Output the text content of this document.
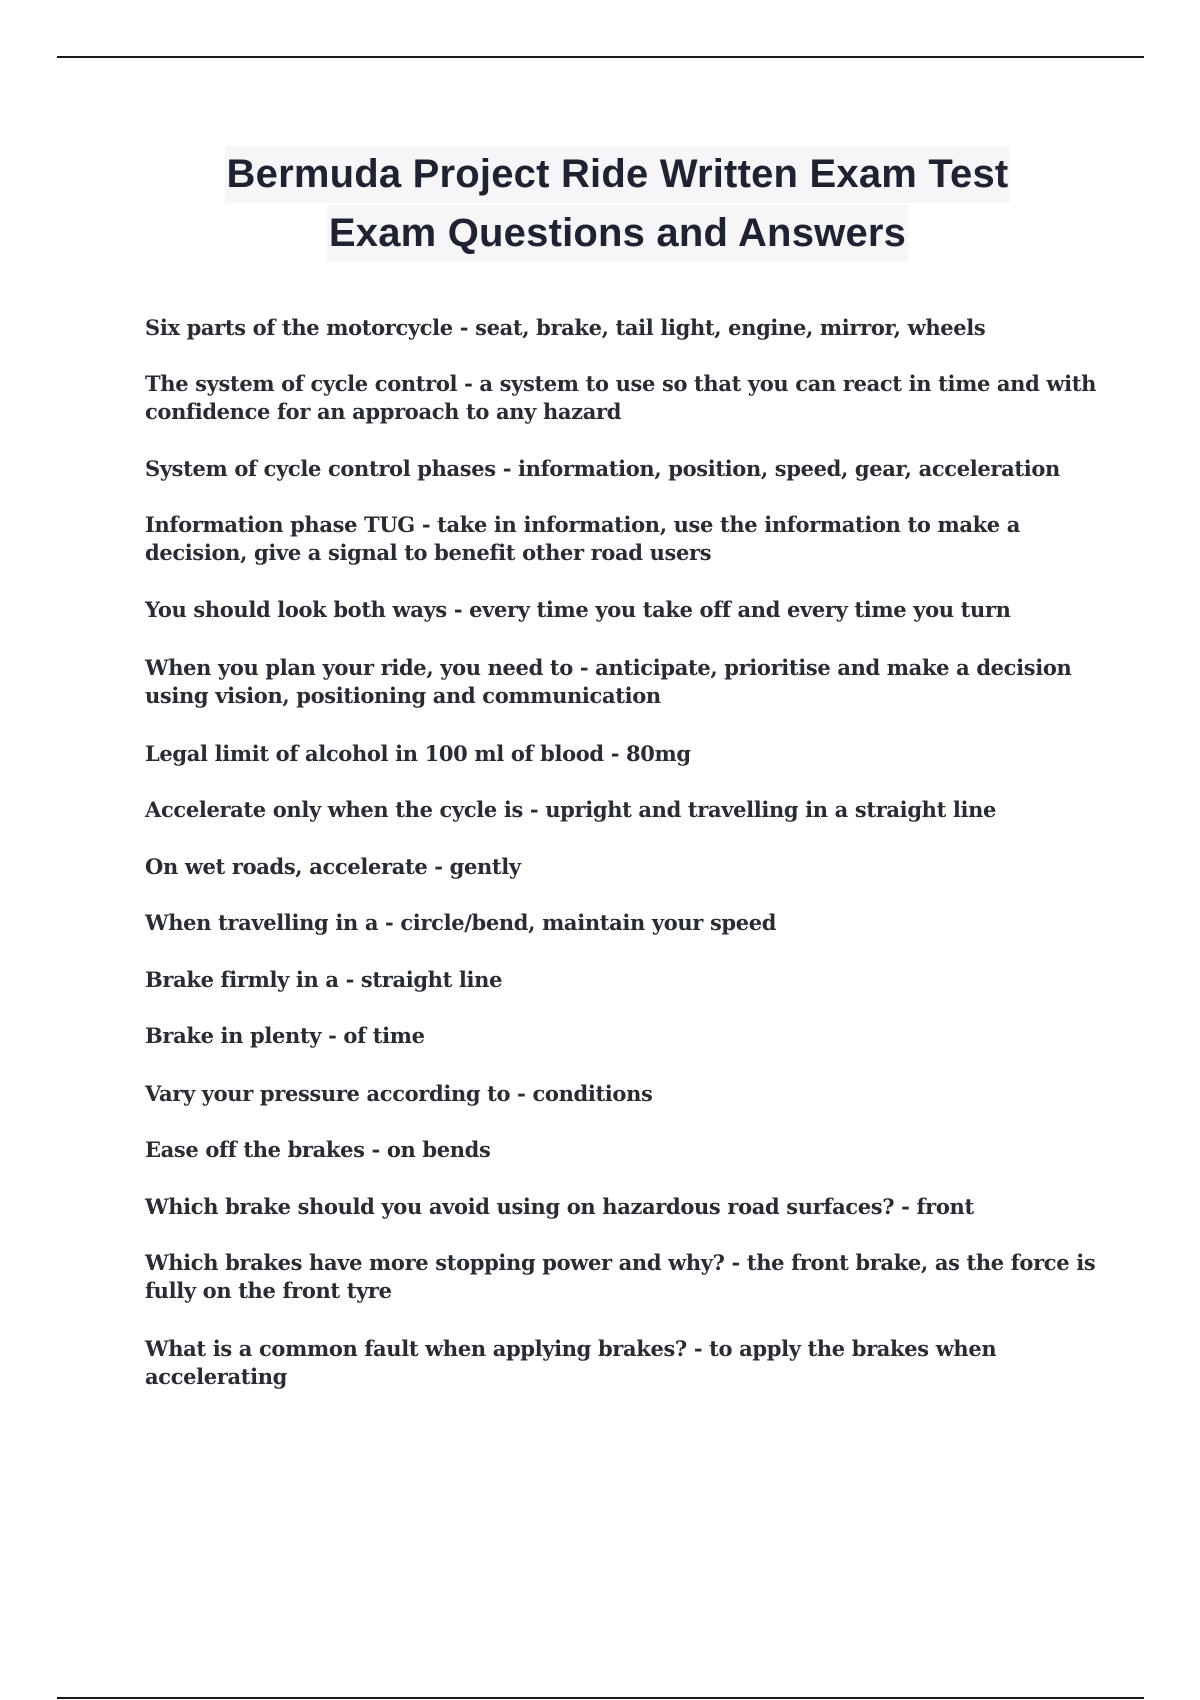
Bermuda Project Ride Written Exam Test
Exam Questions and Answers

Six parts of the motorcycle - seat, brake, tail light, engine, mirror, wheels

The system of cycle control - a system to use so that you can react in time and with confidence for an approach to any hazard

System of cycle control phases - information, position, speed, gear, acceleration

Information phase TUG - take in information, use the information to make a decision, give a signal to benefit other road users

You should look both ways - every time you take off and every time you turn

When you plan your ride, you need to - anticipate, prioritise and make a decision using vision, positioning and communication

Legal limit of alcohol in 100 ml of blood - 80mg

Accelerate only when the cycle is - upright and travelling in a straight line

On wet roads, accelerate - gently

When travelling in a - circle/bend, maintain your speed

Brake firmly in a - straight line

Brake in plenty - of time

Vary your pressure according to - conditions

Ease off the brakes - on bends

Which brake should you avoid using on hazardous road surfaces? - front

Which brakes have more stopping power and why? - the front brake, as the force is fully on the front tyre

What is a common fault when applying brakes? - to apply the brakes when accelerating
